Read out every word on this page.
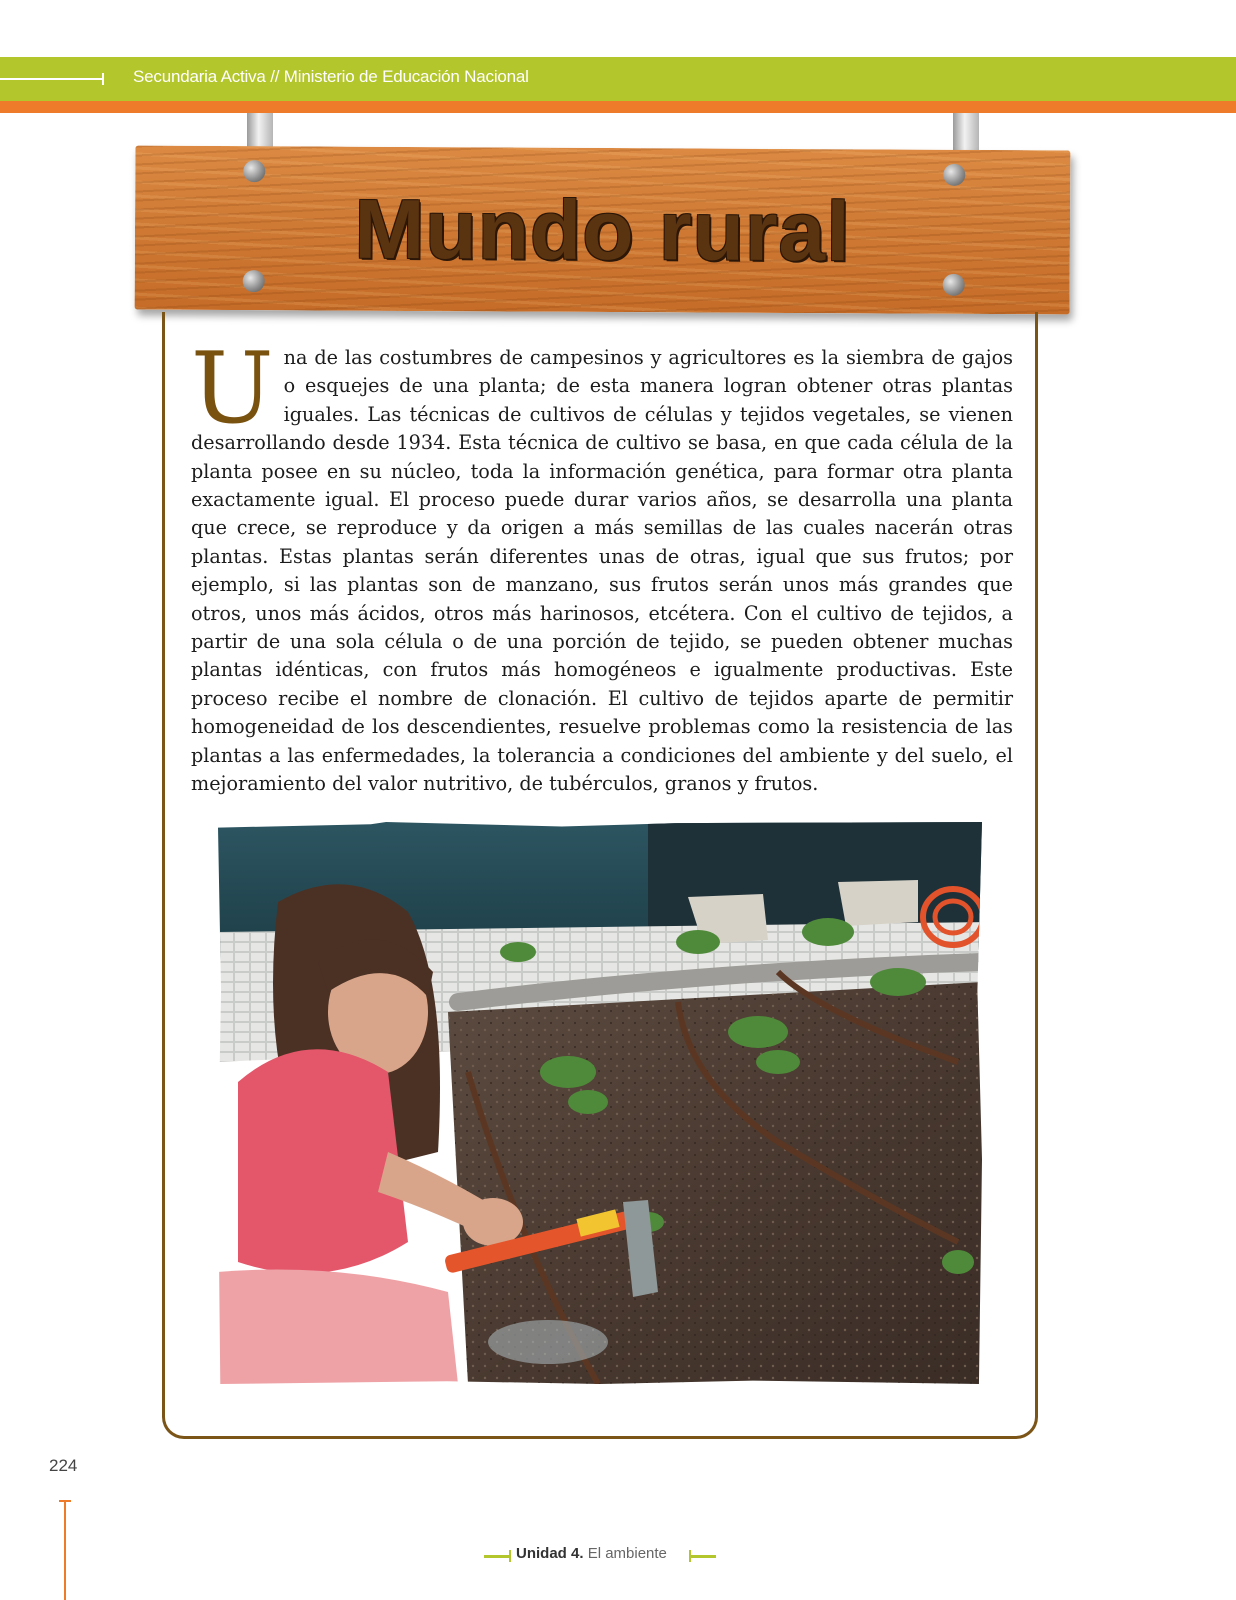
Secundaria Activa // Ministerio de Educación Nacional
Mundo rural

Una de las costumbres de campesinos y agricultores es la siembra de gajos o esquejes de una planta; de esta manera logran obtener otras plantas iguales. Las técnicas de cultivos de células y tejidos vegetales, se vienen desarrollando desde 1934. Esta técnica de cultivo se basa, en que cada célula de la planta posee en su núcleo, toda la información genética, para formar otra planta exactamente igual. El proceso puede durar varios años, se desarrolla una planta que crece, se reproduce y da origen a más semillas de las cuales nacerán otras plantas. Estas plantas serán diferentes unas de otras, igual que sus frutos; por ejemplo, si las plantas son de manzano, sus frutos serán unos más grandes que otros, unos más ácidos, otros más harinosos, etcétera. Con el cultivo de tejidos, a partir de una sola célula o de una porción de tejido, se pueden obtener muchas plantas idénticas, con frutos más homogéneos e igualmente productivas. Este proceso recibe el nombre de clonación. El cultivo de tejidos aparte de permitir homogeneidad de los descendientes, resuelve problemas como la resistencia de las plantas a las enfermedades, la tolerancia a condiciones del ambiente y del suelo, el mejoramiento del valor nutritivo, de tubérculos, granos y frutos.

224
Unidad 4. El ambiente
